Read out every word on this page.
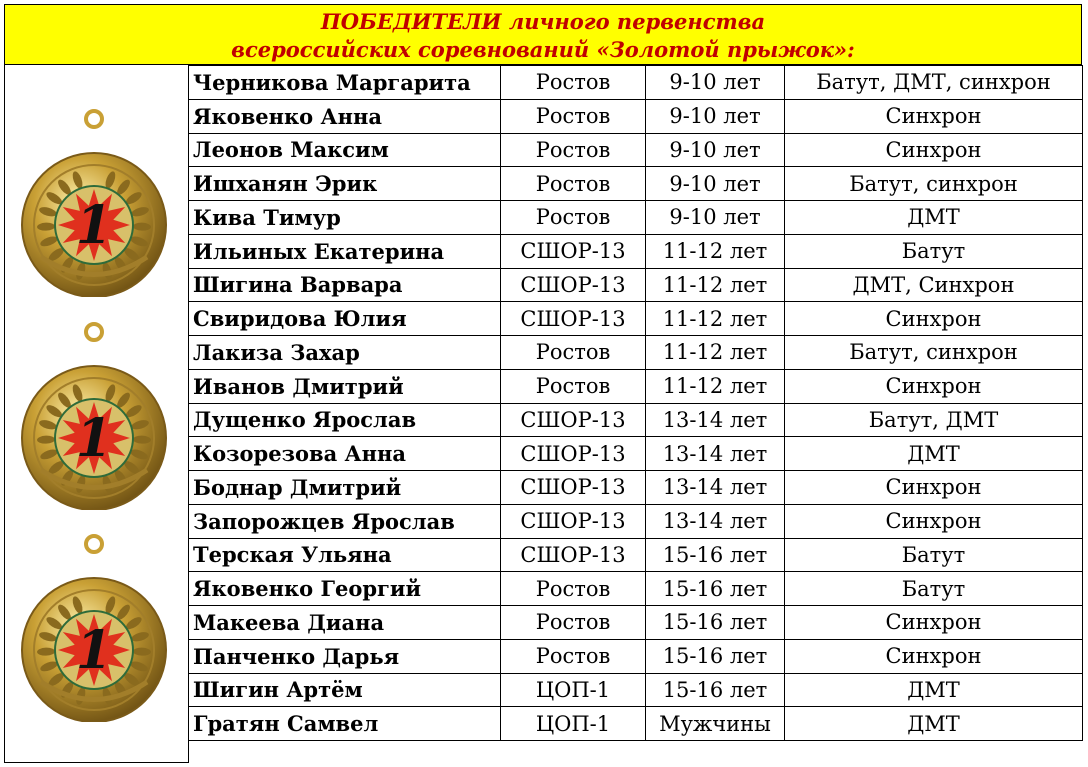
ПОБЕДИТЕЛИ личного первенства
всероссийских соревнований «Золотой прыжок»:
1
1
1
Черникова Маргарита	Ростов	9-10 лет	Батут, ДМТ, синхрон
Яковенко Анна	Ростов	9-10 лет	Синхрон
Леонов Максим	Ростов	9-10 лет	Синхрон
Ишханян Эрик	Ростов	9-10 лет	Батут, синхрон
Кива Тимур	Ростов	9-10 лет	ДМТ
Ильиных Екатерина	СШОР-13	11-12 лет	Батут
Шигина Варвара	СШОР-13	11-12 лет	ДМТ, Синхрон
Свиридова Юлия	СШОР-13	11-12 лет	Синхрон
Лакиза Захар	Ростов	11-12 лет	Батут, синхрон
Иванов Дмитрий	Ростов	11-12 лет	Синхрон
Дущенко Ярослав	СШОР-13	13-14 лет	Батут, ДМТ
Козорезова Анна	СШОР-13	13-14 лет	ДМТ
Боднар Дмитрий	СШОР-13	13-14 лет	Синхрон
Запорожцев Ярослав	СШОР-13	13-14 лет	Синхрон
Терская Ульяна	СШОР-13	15-16 лет	Батут
Яковенко Георгий	Ростов	15-16 лет	Батут
Макеева Диана	Ростов	15-16 лет	Синхрон
Панченко Дарья	Ростов	15-16 лет	Синхрон
Шигин Артём	ЦОП-1	15-16 лет	ДМТ
Гратян Самвел	ЦОП-1	Мужчины	ДМТ
